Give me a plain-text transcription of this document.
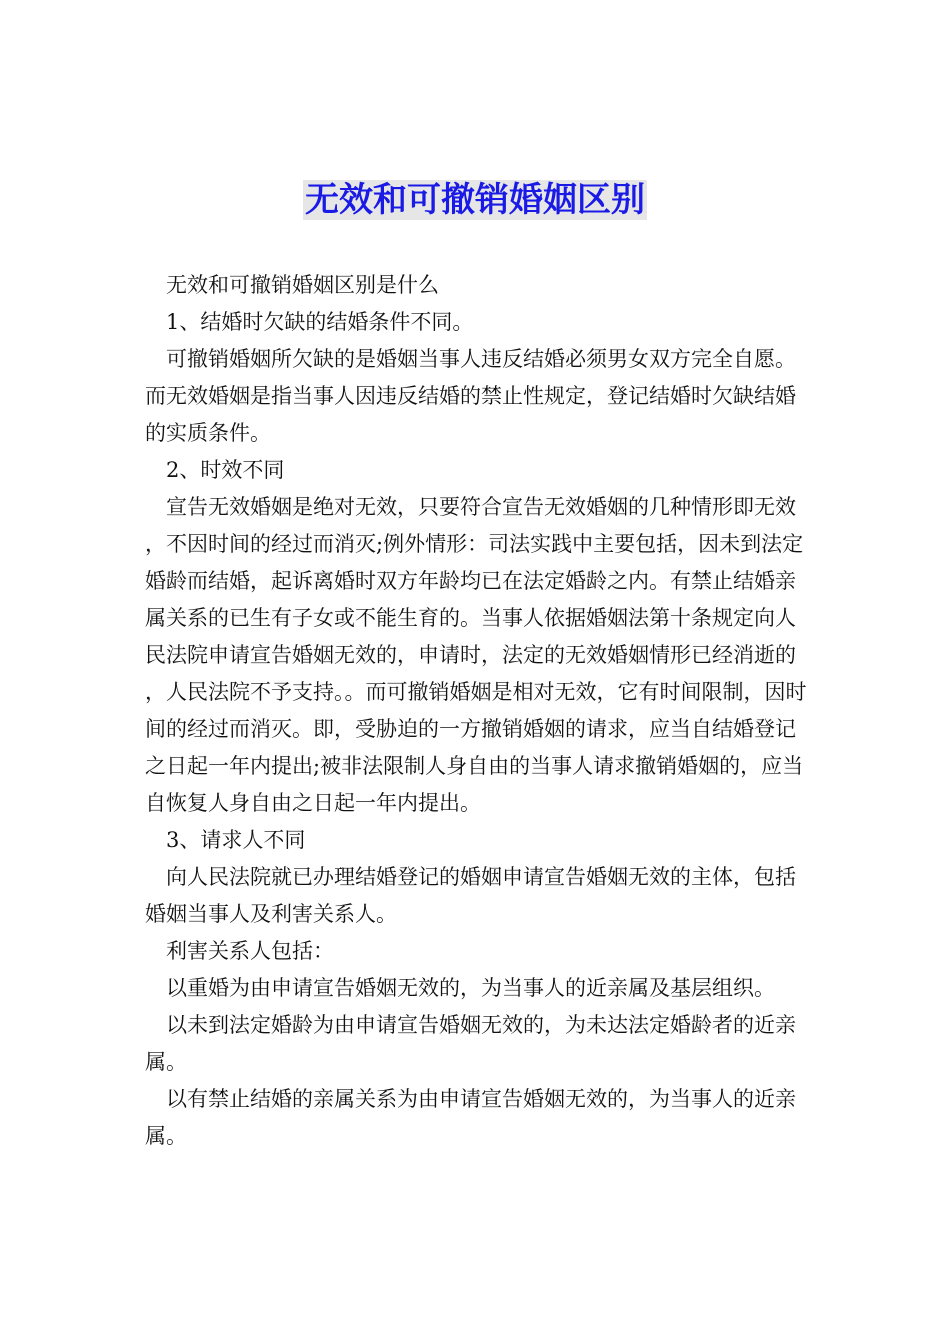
无效和可撤销婚姻区别

无效和可撤销婚姻区别是什么

1、结婚时欠缺的结婚条件不同。

可撤销婚姻所欠缺的是婚姻当事人违反结婚必须男女双方完全自愿。而无效婚姻是指当事人因违反结婚的禁止性规定，登记结婚时欠缺结婚的实质条件。

2、时效不同

宣告无效婚姻是绝对无效，只要符合宣告无效婚姻的几种情形即无效，不因时间的经过而消灭;例外情形：司法实践中主要包括，因未到法定婚龄而结婚，起诉离婚时双方年龄均已在法定婚龄之内。有禁止结婚亲属关系的已生有子女或不能生育的。当事人依据婚姻法第十条规定向人民法院申请宣告婚姻无效的，申请时，法定的无效婚姻情形已经消逝的，人民法院不予支持。。而可撤销婚姻是相对无效，它有时间限制，因时间的经过而消灭。即，受胁迫的一方撤销婚姻的请求，应当自结婚登记之日起一年内提出;被非法限制人身自由的当事人请求撤销婚姻的，应当自恢复人身自由之日起一年内提出。

3、请求人不同

向人民法院就已办理结婚登记的婚姻申请宣告婚姻无效的主体，包括婚姻当事人及利害关系人。

利害关系人包括：

以重婚为由申请宣告婚姻无效的，为当事人的近亲属及基层组织。

以未到法定婚龄为由申请宣告婚姻无效的，为未达法定婚龄者的近亲属。

以有禁止结婚的亲属关系为由申请宣告婚姻无效的，为当事人的近亲属。
